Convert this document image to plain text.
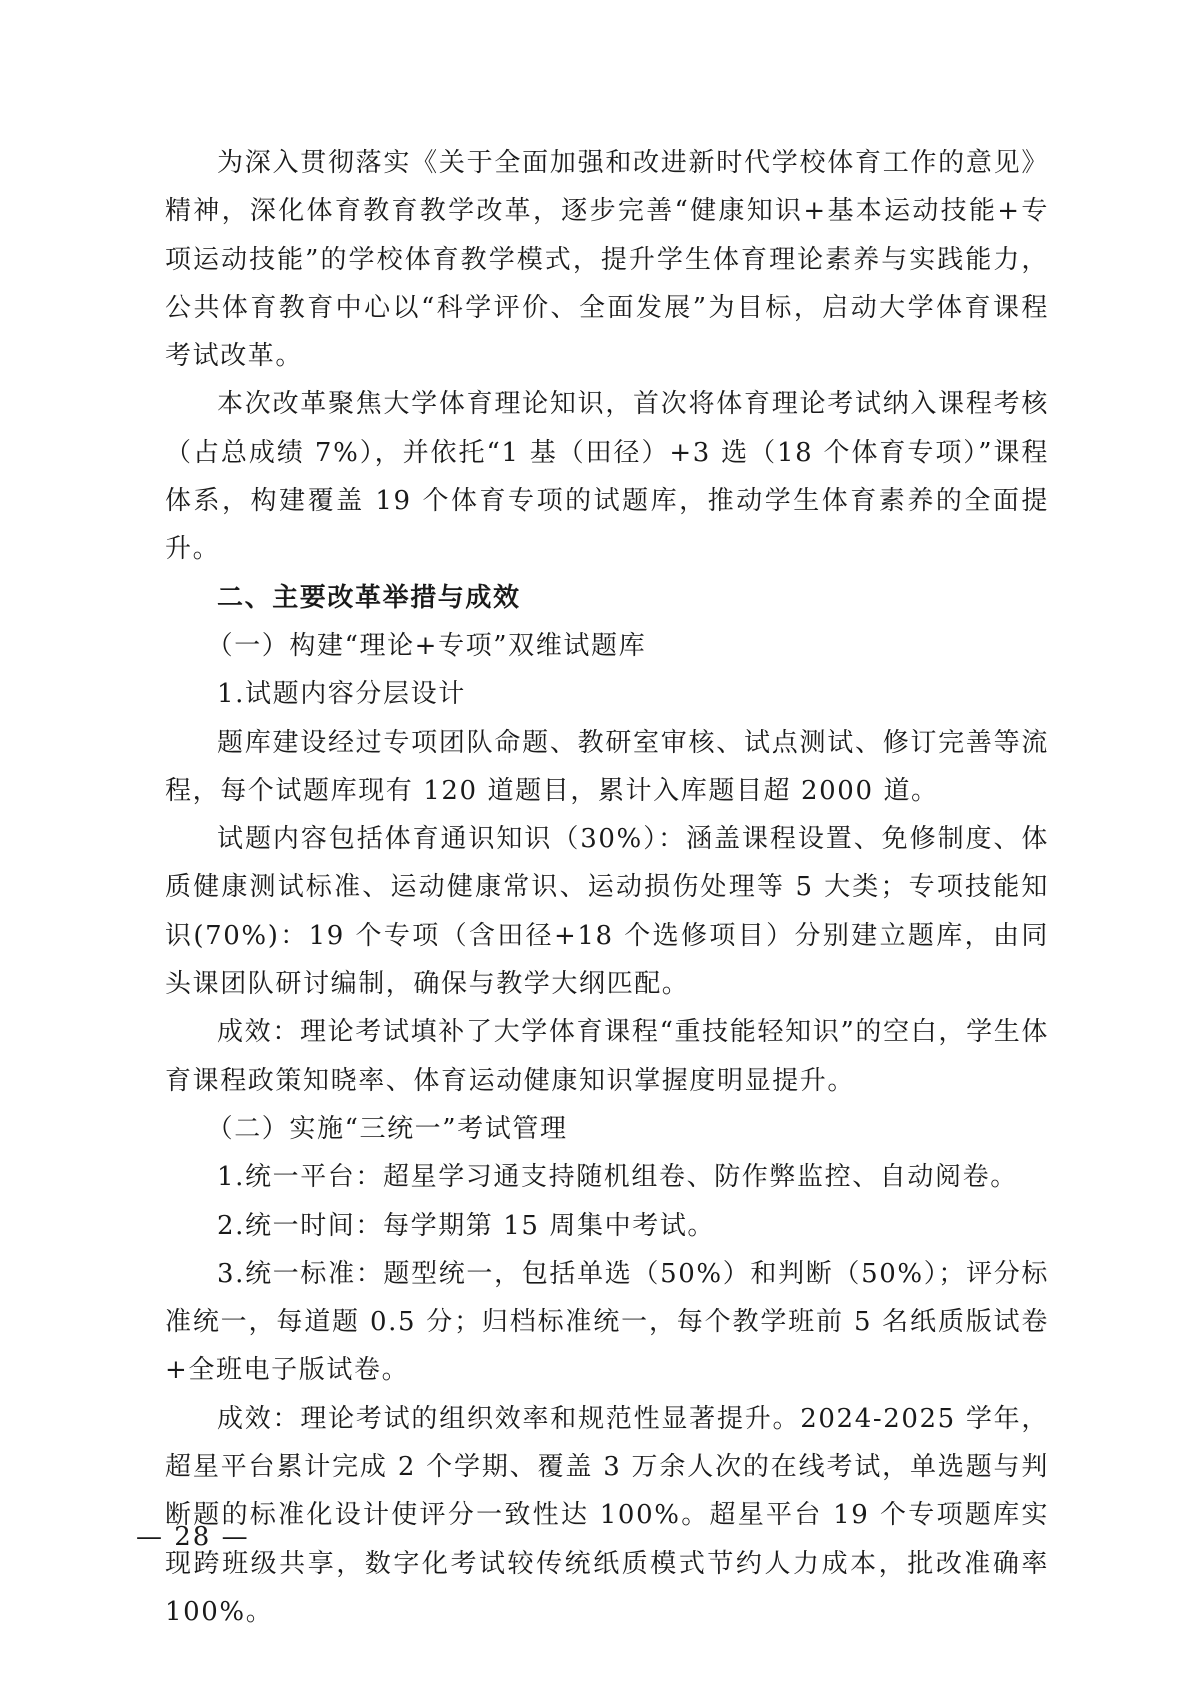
为深入贯彻落实《关于全面加强和改进新时代学校体育工作的意见》精神，深化体育教育教学改革，逐步完善“健康知识+基本运动技能+专项运动技能”的学校体育教学模式，提升学生体育理论素养与实践能力，公共体育教育中心以“科学评价、全面发展”为目标，启动大学体育课程考试改革。

本次改革聚焦大学体育理论知识，首次将体育理论考试纳入课程考核（占总成绩 7%），并依托“1 基（田径）+3 选（18 个体育专项）”课程体系，构建覆盖 19 个体育专项的试题库，推动学生体育素养的全面提升。

二、主要改革举措与成效

（一）构建“理论+专项”双维试题库

1.试题内容分层设计

题库建设经过专项团队命题、教研室审核、试点测试、修订完善等流程，每个试题库现有 120 道题目，累计入库题目超 2000 道。

试题内容包括体育通识知识（30%）：涵盖课程设置、免修制度、体质健康测试标准、运动健康常识、运动损伤处理等 5 大类；专项技能知识(70%)：19 个专项（含田径+18 个选修项目）分别建立题库，由同头课团队研讨编制，确保与教学大纲匹配。

成效：理论考试填补了大学体育课程“重技能轻知识”的空白，学生体育课程政策知晓率、体育运动健康知识掌握度明显提升。

（二）实施“三统一”考试管理

1.统一平台：超星学习通支持随机组卷、防作弊监控、自动阅卷。

2.统一时间：每学期第 15 周集中考试。

3.统一标准：题型统一，包括单选（50%）和判断（50%）；评分标准统一，每道题 0.5 分；归档标准统一，每个教学班前 5 名纸质版试卷+全班电子版试卷。

成效：理论考试的组织效率和规范性显著提升。2024-2025 学年，超星平台累计完成 2 个学期、覆盖 3 万余人次的在线考试，单选题与判断题的标准化设计使评分一致性达 100%。超星平台 19 个专项题库实现跨班级共享，数字化考试较传统纸质模式节约人力成本，批改准确率 100%。

— 28 —
